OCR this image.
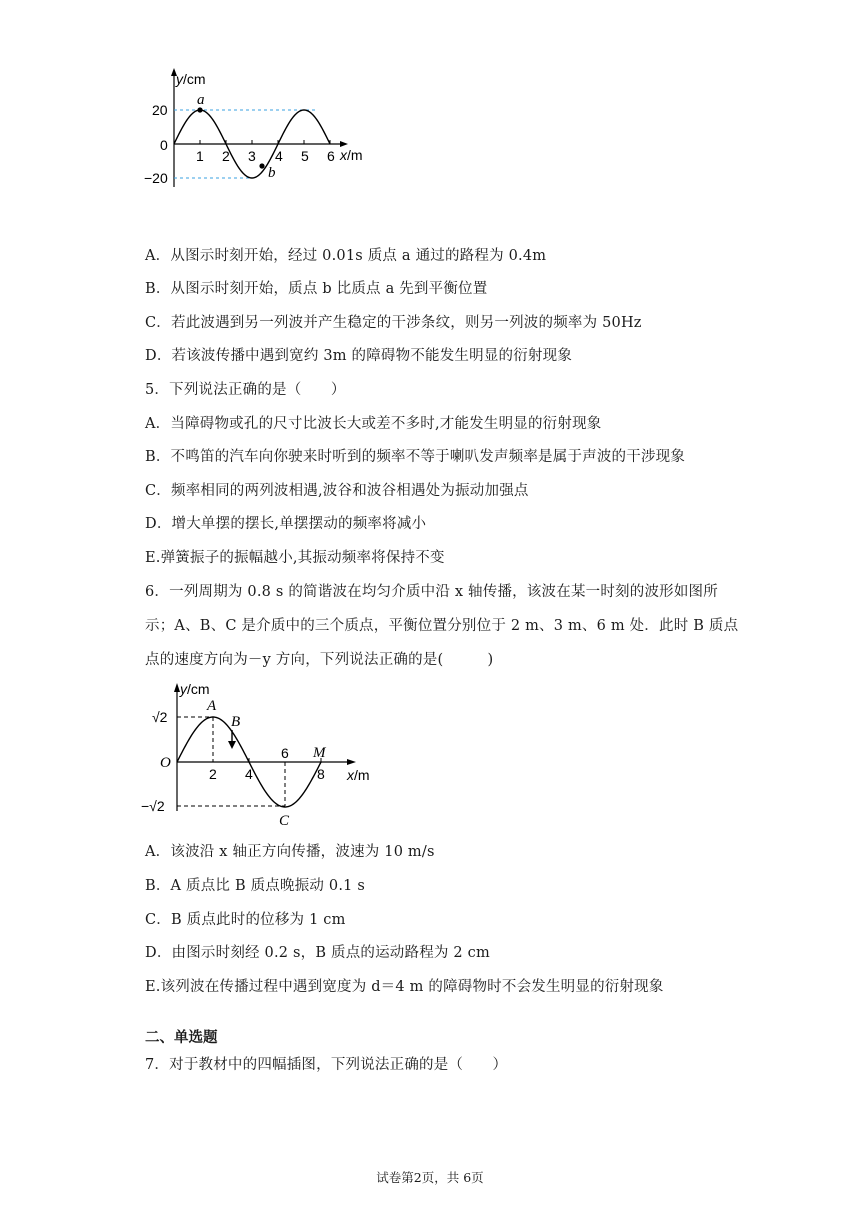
y/cm
x/m
20
0
−20
1 2 3 4 5 6
a
b
A．从图示时刻开始，经过 0.01s 质点 a 通过的路程为 0.4m
B．从图示时刻开始，质点 b 比质点 a 先到平衡位置
C．若此波遇到另一列波并产生稳定的干涉条纹，则另一列波的频率为 50Hz
D．若该波传播中遇到宽约 3m 的障碍物不能发生明显的衍射现象
5．下列说法正确的是（　　）
A．当障碍物或孔的尺寸比波长大或差不多时,才能发生明显的衍射现象
B．不鸣笛的汽车向你驶来时听到的频率不等于喇叭发声频率是属于声波的干涉现象
C．频率相同的两列波相遇,波谷和波谷相遇处为振动加强点
D．增大单摆的摆长,单摆摆动的频率将减小
E.弹簧振子的振幅越小,其振动频率将保持不变
6．一列周期为 0.8 s 的简谐波在均匀介质中沿 x 轴传播，该波在某一时刻的波形如图所
示；A、B、C 是介质中的三个质点，平衡位置分别位于 2 m、3 m、6 m 处．此时 B 质点
点的速度方向为－y 方向，下列说法正确的是(　　　)
y/cm
x/m
√2
−√2
O
2 4
6
8
A
B
C
M
A．该波沿 x 轴正方向传播，波速为 10 m/s
B．A 质点比 B 质点晚振动 0.1 s
C．B 质点此时的位移为 1 cm
D．由图示时刻经 0.2 s，B 质点的运动路程为 2 cm
E.该列波在传播过程中遇到宽度为 d＝4 m 的障碍物时不会发生明显的衍射现象
二、单选题
7．对于教材中的四幅插图，下列说法正确的是（　　）
试卷第2页，共 6页
